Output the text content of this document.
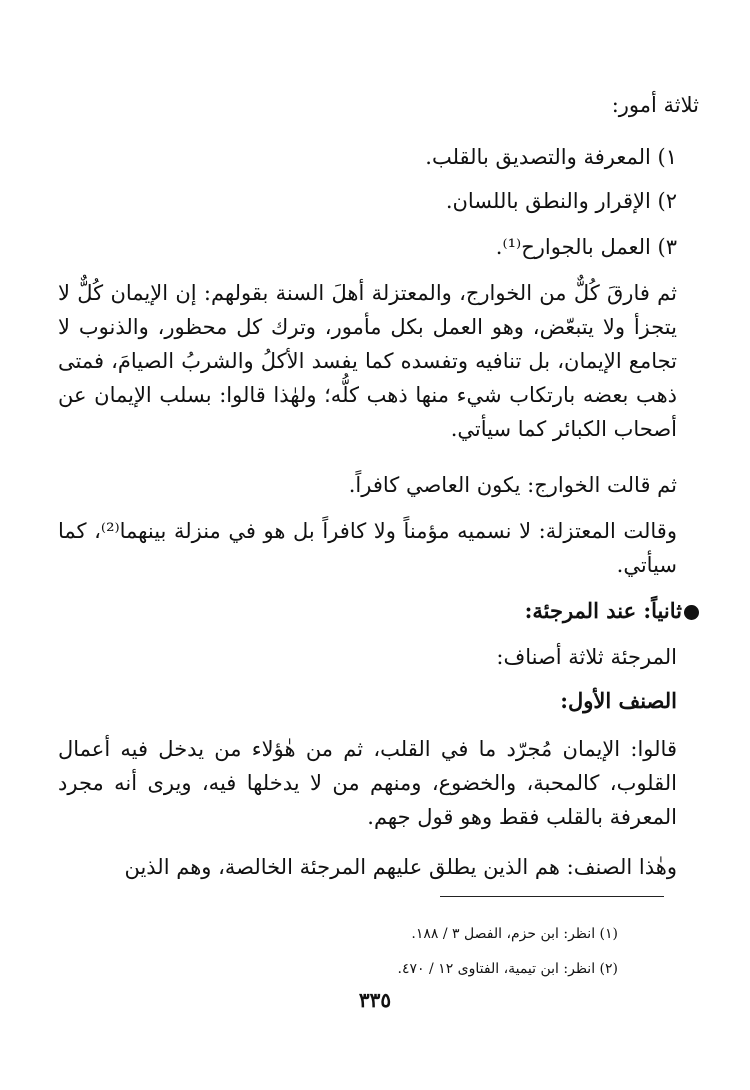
ثلاثة أمور:

١) المعرفة والتصديق بالقلب.

٢) الإقرار والنطق باللسان.

٣) العمل بالجوارح⁽¹⁾.

ثم فارقَ كُلٌّ من الخوارج، والمعتزلة أهلَ السنة بقولهم: إن الإيمان كُلٌّ لا يتجزأ ولا يتبعّض، وهو العمل بكل مأمور، وترك كل محظور، والذنوب لا تجامع الإيمان، بل تنافيه وتفسده كما يفسد الأكلُ والشربُ الصيامَ، فمتى ذهب بعضه بارتكاب شيء منها ذهب كلُّه؛ ولهٰذا قالوا: بسلب الإيمان عن أصحاب الكبائر كما سيأتي.

ثم قالت الخوارج: يكون العاصي كافراً.

وقالت المعتزلة: لا نسميه مؤمناً ولا كافراً بل هو في منزلة بينهما⁽²⁾، كما سيأتي.

ثانياً: عند المرجئة:

المرجئة ثلاثة أصناف:

الصنف الأول:

قالوا: الإيمان مُجرّد ما في القلب، ثم من هٰؤلاء من يدخل فيه أعمال القلوب، كالمحبة، والخضوع، ومنهم من لا يدخلها فيه، ويرى أنه مجرد المعرفة بالقلب فقط وهو قول جهم.

وهٰذا الصنف: هم الذين يطلق عليهم المرجئة الخالصة، وهم الذين

(١) انظر: ابن حزم، الفصل ٣ / ١٨٨.

(٢) انظر: ابن تيمية، الفتاوى ١٢ / ٤٧٠.

٣٣٥
